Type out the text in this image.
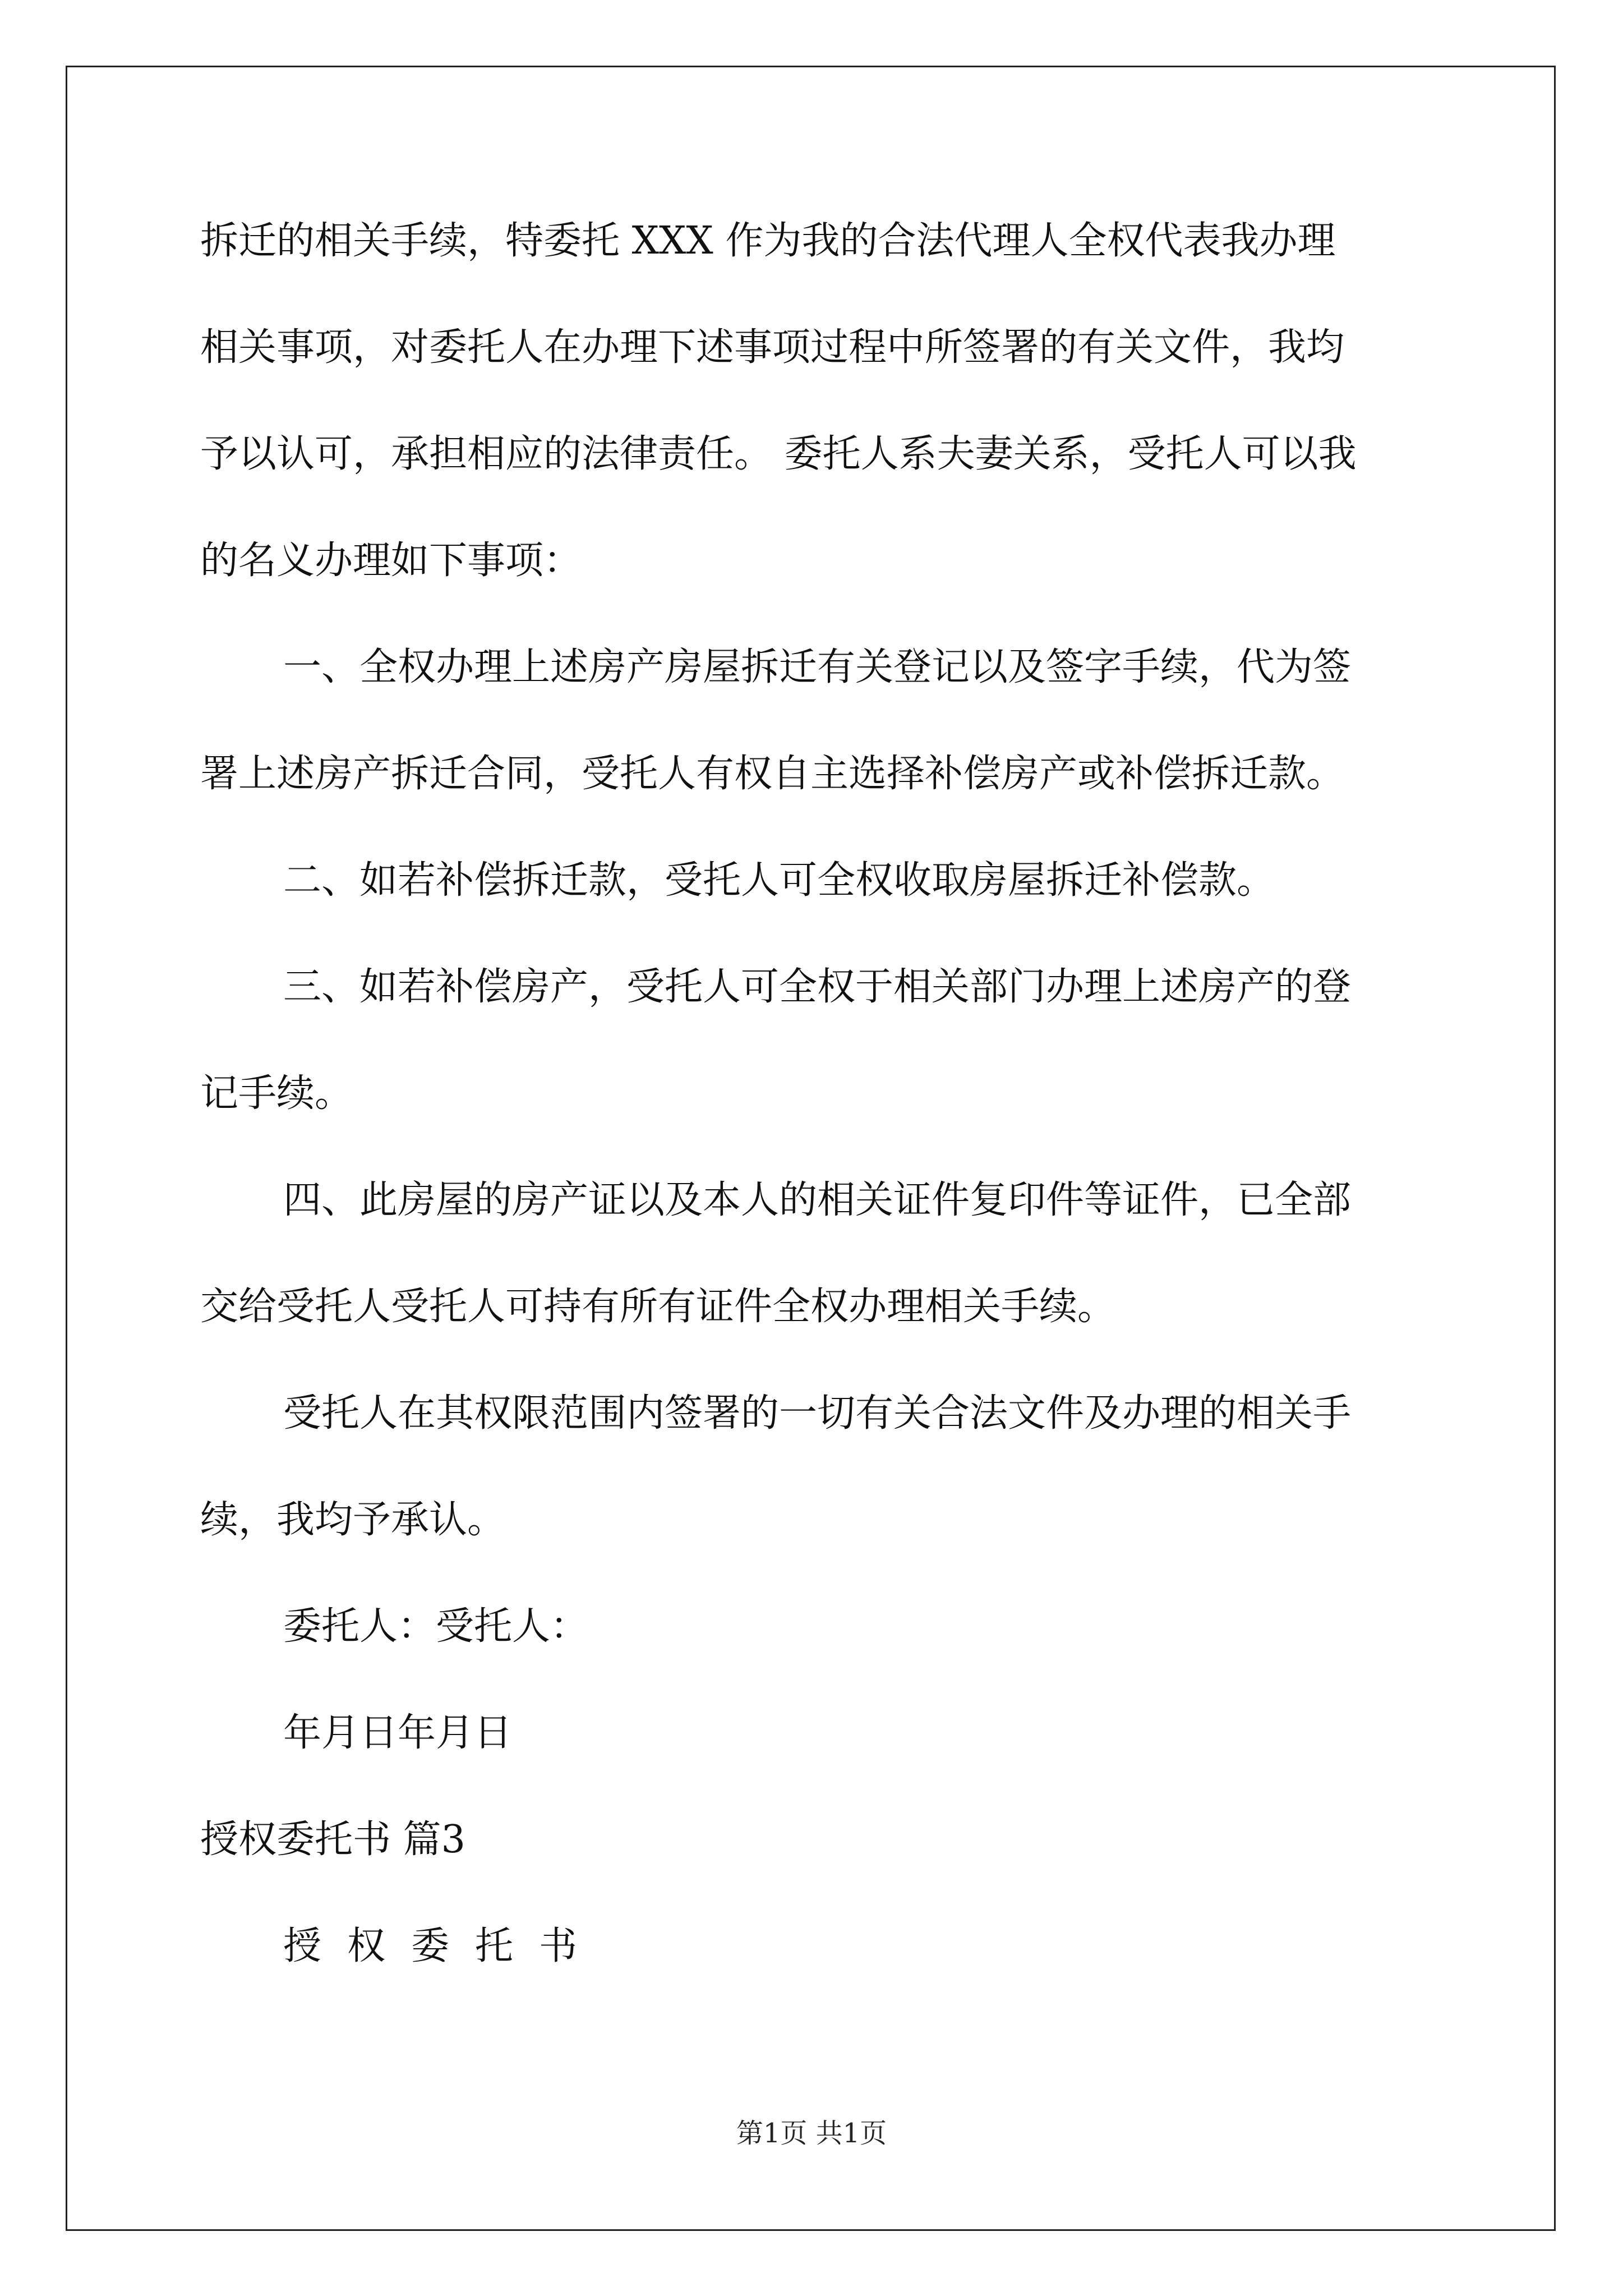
拆迁的相关手续，特委托 XXX 作为我的合法代理人全权代表我办理
相关事项，对委托人在办理下述事项过程中所签署的有关文件，我均
予以认可，承担相应的法律责任。 委托人系夫妻关系，受托人可以我
的名义办理如下事项：
一、全权办理上述房产房屋拆迁有关登记以及签字手续，代为签
署上述房产拆迁合同，受托人有权自主选择补偿房产或补偿拆迁款。
二、如若补偿拆迁款，受托人可全权收取房屋拆迁补偿款。
三、如若补偿房产，受托人可全权于相关部门办理上述房产的登
记手续。
四、此房屋的房产证以及本人的相关证件复印件等证件，已全部
交给受托人受托人可持有所有证件全权办理相关手续。
受托人在其权限范围内签署的一切有关合法文件及办理的相关手
续，我均予承认。
委托人：受托人：
年月日年月日
授权委托书 篇3
授权委托书
第1页 共1页
